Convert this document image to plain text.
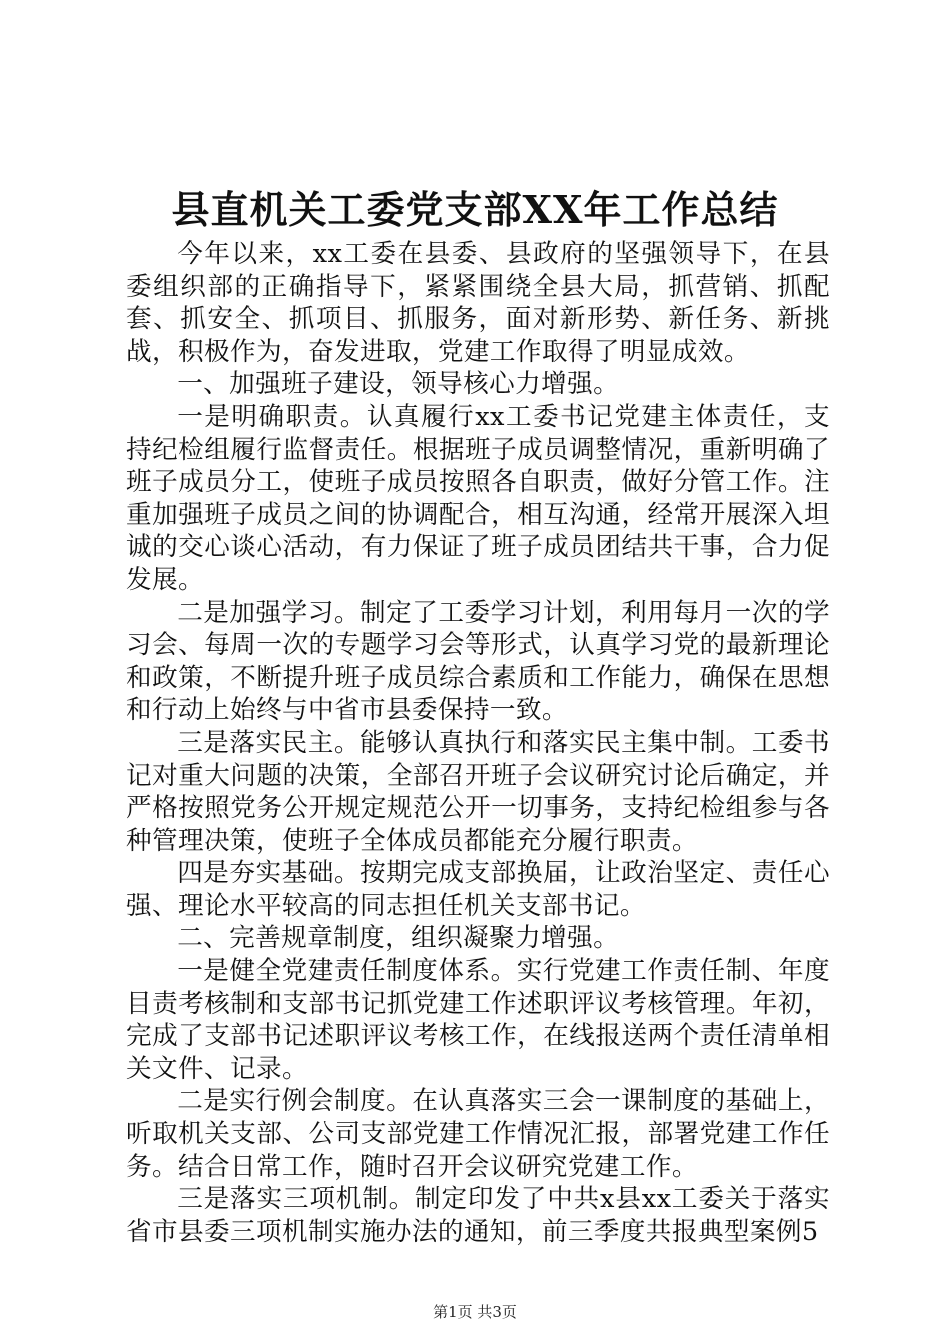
县直机关工委党支部XX年工作总结

今年以来，xx工委在县委、县政府的坚强领导下，在县委组织部的正确指导下，紧紧围绕全县大局，抓营销、抓配套、抓安全、抓项目、抓服务，面对新形势、新任务、新挑战，积极作为，奋发进取，党建工作取得了明显成效。

一、加强班子建设，领导核心力增强。

一是明确职责。认真履行xx工委书记党建主体责任，支持纪检组履行监督责任。根据班子成员调整情况，重新明确了班子成员分工，使班子成员按照各自职责，做好分管工作。注重加强班子成员之间的协调配合，相互沟通，经常开展深入坦诚的交心谈心活动，有力保证了班子成员团结共干事，合力促发展。

二是加强学习。制定了工委学习计划，利用每月一次的学习会、每周一次的专题学习会等形式，认真学习党的最新理论和政策，不断提升班子成员综合素质和工作能力，确保在思想和行动上始终与中省市县委保持一致。

三是落实民主。能够认真执行和落实民主集中制。工委书记对重大问题的决策，全部召开班子会议研究讨论后确定，并严格按照党务公开规定规范公开一切事务，支持纪检组参与各种管理决策，使班子全体成员都能充分履行职责。

四是夯实基础。按期完成支部换届，让政治坚定、责任心强、理论水平较高的同志担任机关支部书记。

二、完善规章制度，组织凝聚力增强。

一是健全党建责任制度体系。实行党建工作责任制、年度目责考核制和支部书记抓党建工作述职评议考核管理。年初，完成了支部书记述职评议考核工作，在线报送两个责任清单相关文件、记录。

二是实行例会制度。在认真落实三会一课制度的基础上，听取机关支部、公司支部党建工作情况汇报，部署党建工作任务。结合日常工作，随时召开会议研究党建工作。

三是落实三项机制。制定印发了中共x县xx工委关于落实省市县委三项机制实施办法的通知，前三季度共报典型案例5

第1页 共3页
